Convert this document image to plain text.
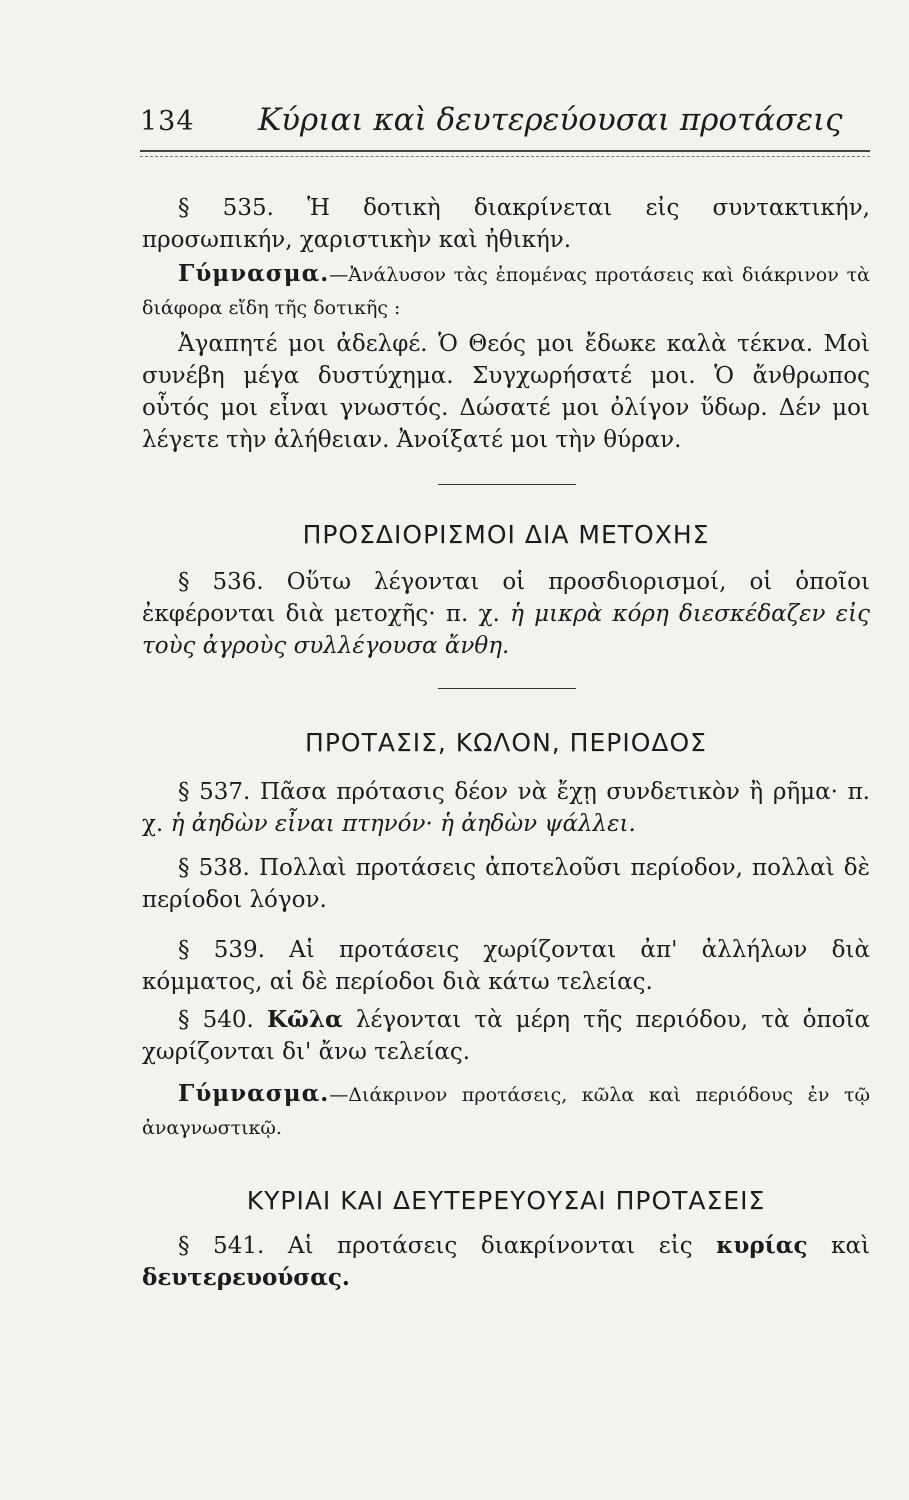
134 Κύριαι καὶ δευτερεύουσαι προτάσεις

§ 535. Ἡ δοτικὴ διακρίνεται εἰς συντακτικήν, προσωπικήν, χαριστικὴν καὶ ἠθικήν.

Γύμνασμα.—Ἀνάλυσον τὰς ἑπομένας προτάσεις καὶ διάκρινον τὰ διάφορα εἴδη τῆς δοτικῆς :

Ἀγαπητέ μοι ἀδελφέ. Ὁ Θεός μοι ἔδωκε καλὰ τέκνα. Μοὶ συνέβη μέγα δυστύχημα. Συγχωρήσατέ μοι. Ὁ ἄνθρωπος οὗτός μοι εἶναι γνωστός. Δώσατέ μοι ὀλίγον ὕδωρ. Δέν μοι λέγετε τὴν ἀλήθειαν. Ἀνοίξατέ μοι τὴν θύραν.

ΠΡΟΣΔΙΟΡΙΣΜΟΙ ΔΙΑ ΜΕΤΟΧΗΣ

§ 536. Οὕτω λέγονται οἱ προσδιορισμοί, οἱ ὁποῖοι ἐκφέρονται διὰ μετοχῆς· π. χ. ἡ μικρὰ κόρη διεσκέδαζεν εἰς τοὺς ἀγροὺς συλλέγουσα ἄνθη.

ΠΡΟΤΑΣΙΣ, ΚΩΛΟΝ, ΠΕΡΙΟΔΟΣ

§ 537. Πᾶσα πρότασις δέον νὰ ἔχῃ συνδετικὸν ἢ ρῆμα· π. χ. ἡ ἀηδὼν εἶναι πτηνόν· ἡ ἀηδὼν ψάλλει.

§ 538. Πολλαὶ προτάσεις ἀποτελοῦσι περίοδον, πολλαὶ δὲ περίοδοι λόγον.

§ 539. Αἱ προτάσεις χωρίζονται ἀπ' ἀλλήλων διὰ κόμματος, αἱ δὲ περίοδοι διὰ κάτω τελείας.

§ 540. Κῶλα λέγονται τὰ μέρη τῆς περιόδου, τὰ ὁποῖα χωρίζονται δι' ἄνω τελείας.

Γύμνασμα.—Διάκρινον προτάσεις, κῶλα καὶ περιόδους ἐν τῷ ἀναγνωστικῷ.

ΚΥΡΙΑΙ ΚΑΙ ΔΕΥΤΕΡΕΥΟΥΣΑΙ ΠΡΟΤΑΣΕΙΣ

§ 541. Αἱ προτάσεις διακρίνονται εἰς κυρίας καὶ δευτερευούσας.
